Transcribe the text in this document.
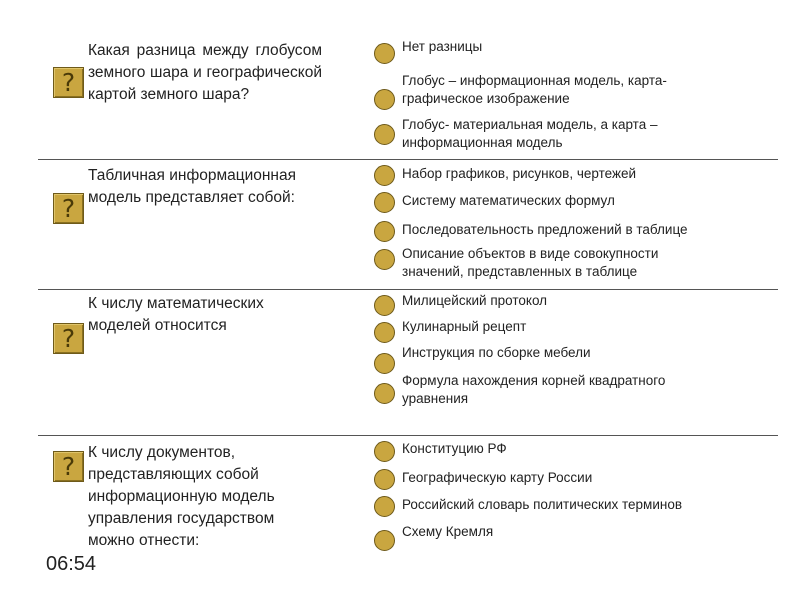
?
Какая разница между глобусом земного шара и географической картой земного шара?
Нет разницы
Глобус – информационная модель, карта-графическое изображение
Глобус- материальная модель, а карта – информационная модель
?
Табличная информационная модель представляет собой:
Набор графиков, рисунков, чертежей
Систему математических формул
Последовательность предложений в таблице
Описание объектов в виде совокупности значений, представленных в таблице
?
К числу математических моделей относится
Милицейский протокол
Кулинарный рецепт
Инструкция по сборке мебели
Формула нахождения корней квадратного уравнения
? К числу документов, представляющих собой информационную модель управления государством можно отнести:
Конституцию РФ
Географическую карту России
Российский словарь политических терминов
Схему Кремля
06:54
